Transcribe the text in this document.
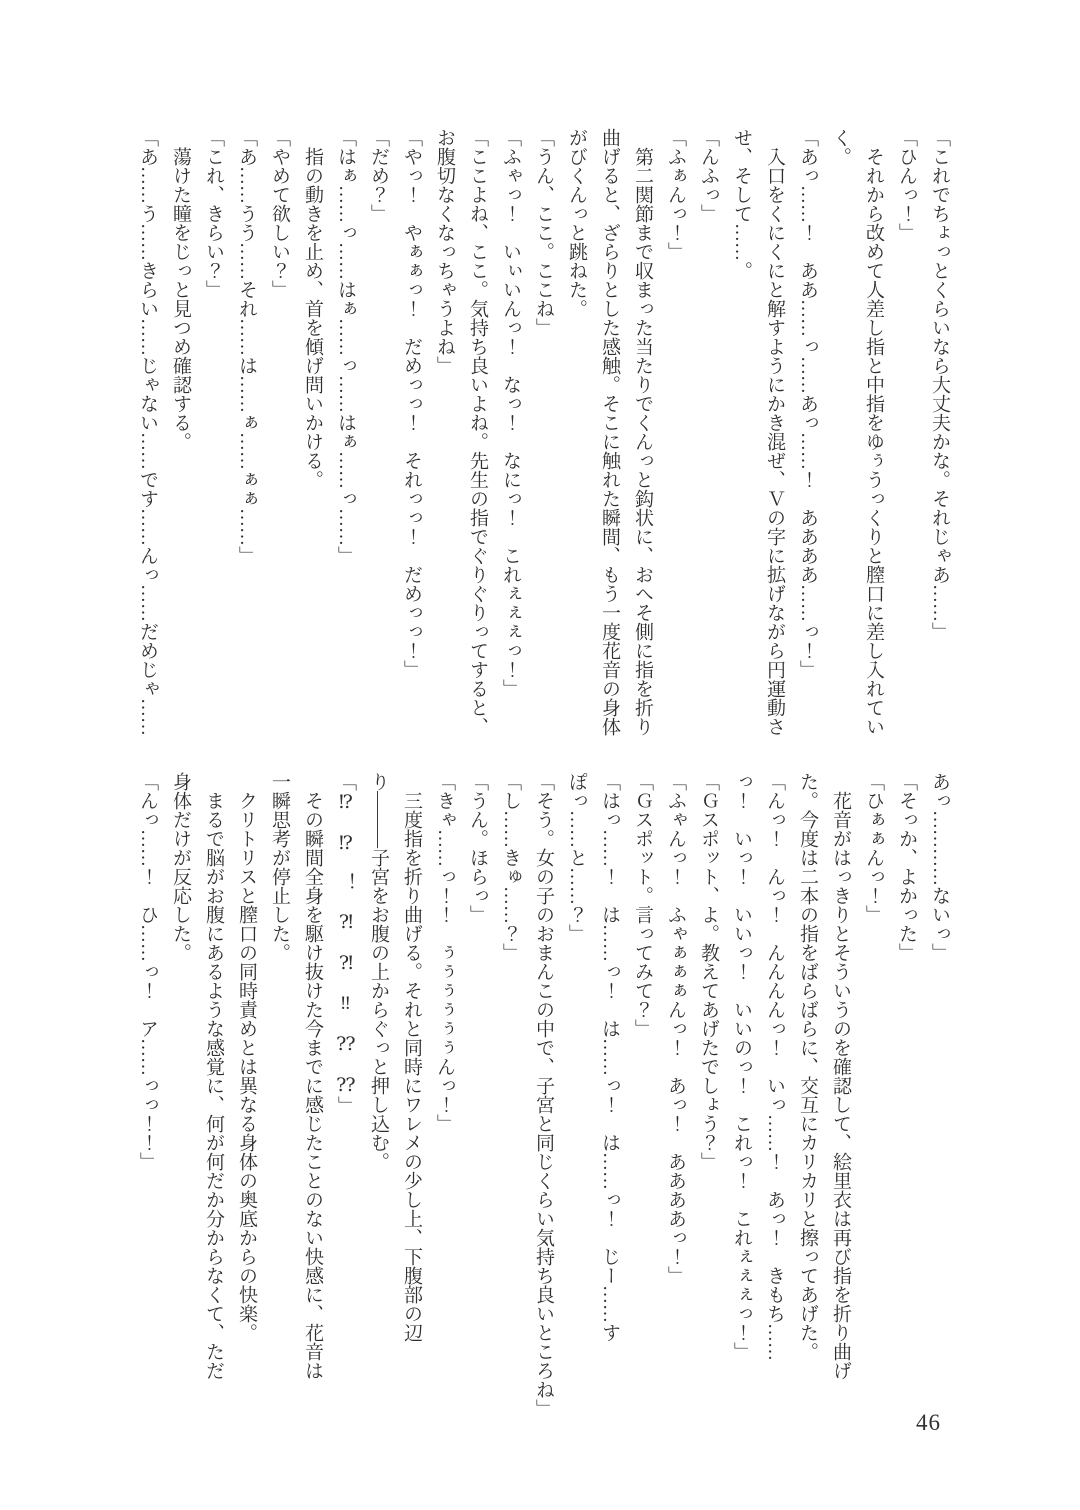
「これでちょっとくらいなら大丈夫かな。それじゃあ……」
「ひんっ！」
　それから改めて人差し指と中指をゆぅうっくりと膣口に差し入れてい
く。
「あっ……！　ああ……っ……あっ……！　ああああ……っ！」
　入口をくにくにと解すようにかき混ぜ、Ｖの字に拡げながら円運動さ
せ、そして……。
「んふっ」
「ふぁんっ！」
　第二関節まで収まった当たりでくんっと鈎状に、おへそ側に指を折り
曲げると、ざらりとした感触。そこに触れた瞬間、もう一度花音の身体
がびくんっと跳ねた。
「うん、ここ。ここね」
「ふゃっ！　いぃいんっ！　なっ！　なにっ！　これぇぇぇっ！」
「ここよね、ここ。気持ち良いよね。先生の指でぐりぐりってすると、
お腹切なくなっちゃうよね」
「やっ！　やぁぁっ！　だめっっ！　それっっ！　だめっっ！」
「だめ？」
「はぁ……っ……はぁ……っ……はぁ……っ……」
　指の動きを止め、首を傾げ問いかける。
「やめて欲しい？」
「あ……うう……それ……は……ぁ……ぁぁ……」
「これ、きらい？」
　蕩けた瞳をじっと見つめ確認する。
「あ……う……きらい……じゃない……です……んっ……だめじゃ……
あっ…………ないっ」
「そっか、よかった」
「ひぁぁんっ！」
　花音がはっきりとそういうのを確認して、絵里衣は再び指を折り曲げ
た。今度は二本の指をばらばらに、交互にカリカリと擦ってあげた。
「んっ！　んっ！　んんんんっ！　いっ……！　あっ！　きもち……
っ！　いっ！　いいっ！　いいのっ！　これっ！　これぇぇぇっ！」
「Ｇスポット、よ。教えてあげたでしょう？」
「ふゃんっ！　ふゃぁぁぁんっ！　あっ！　ああああっ！」
「Ｇスポット。言ってみて？」
「はっ……！　は……っ！　は……っ！　は……っ！　じー……す
ぽっ……と……？」
「そう。女の子のおまんこの中で、子宮と同じくらい気持ち良いところね」
「し……きゅ……？」
「うん。ほらっ」
「きゃ……っ！！　ぅぅぅぅぅぅんっ！」
　三度指を折り曲げる。それと同時にワレメの少し上、下腹部の辺
り―――子宮をお腹の上からぐっと押し込む。
「⁉　⁉　！　⁈　⁈　‼　⁇　⁇」
　その瞬間全身を駆け抜けた今までに感じたことのない快感に、花音は
一瞬思考が停止した。
　クリトリスと膣口の同時責めとは異なる身体の奥底からの快楽。
　まるで脳がお腹にあるような感覚に、何が何だか分からなくて、ただ
身体だけが反応した。
「んっ……！　ひ……っ！　ア……っっ！！」
46
